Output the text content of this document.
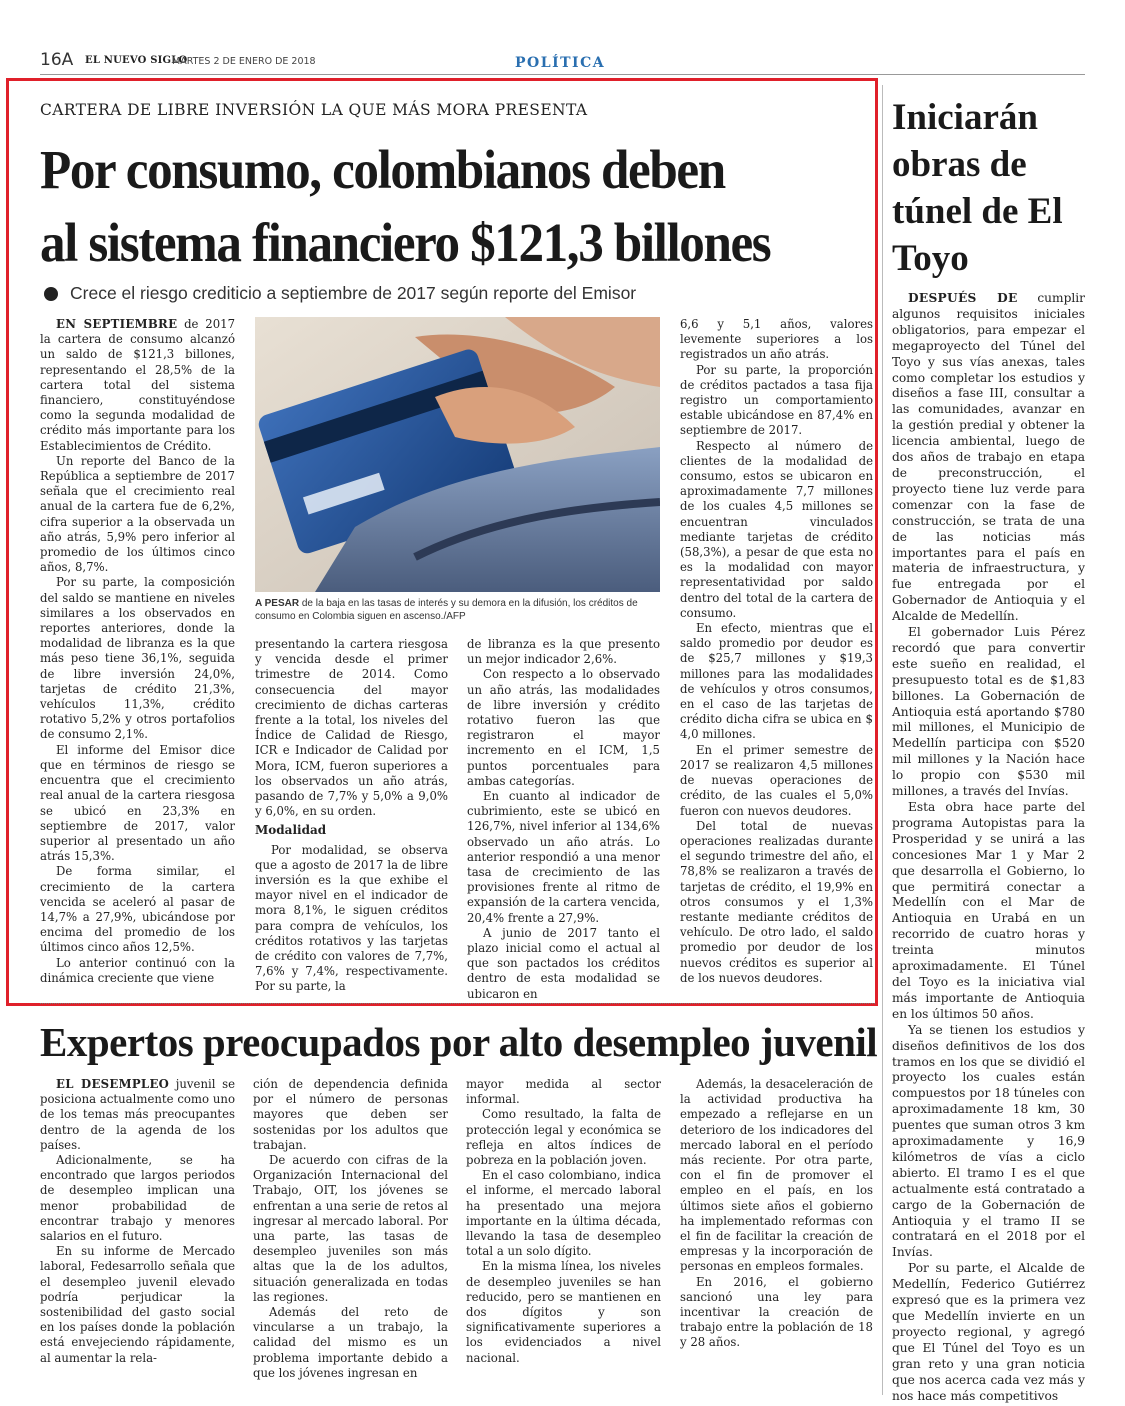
16A EL NUEVO SIGLO
MARTES 2 DE ENERO DE 2018	POLÍTICA
CARTERA DE LIBRE INVERSIÓN LA QUE MÁS MORA PRESENTA
Por consumo, colombianos deben
al sistema financiero $121,3 billones
Crece el riesgo crediticio a septiembre de 2017 según reporte del Emisor

EN SEPTIEMBRE de 2017 la cartera de consumo alcanzó un saldo de $121,3 billones, representando el 28,5% de la cartera total del sistema financiero, constituyéndose como la segunda modalidad de crédito más importante para los Establecimientos de Crédito.

Un reporte del Banco de la República a septiembre de 2017 señala que el crecimiento real anual de la cartera fue de 6,2%, cifra superior a la observada un año atrás, 5,9% pero inferior al promedio de los últimos cinco años, 8,7%.

Por su parte, la composición del saldo se mantiene en niveles similares a los observados en reportes anteriores, donde la modalidad de libranza es la que más peso tiene 36,1%, seguida de libre inversión 24,0%, tarjetas de crédito 21,3%, vehículos 11,3%, crédito rotativo 5,2% y otros portafolios de consumo 2,1%.

El informe del Emisor dice que en términos de riesgo se encuentra que el crecimiento real anual de la cartera riesgosa se ubicó en 23,3% en septiembre de 2017, valor superior al presentado un año atrás 15,3%.

De forma similar, el crecimiento de la cartera vencida se aceleró al pasar de 14,7% a 27,9%, ubicándose por encima del promedio de los últimos cinco años 12,5%.

Lo anterior continuó con la dinámica creciente que viene

A PESAR de la baja en las tasas de interés y su demora en la difusión, los créditos de consumo en Colombia siguen en ascenso./AFP

presentando la cartera riesgosa y vencida desde el primer trimestre de 2014. Como consecuencia del mayor crecimiento de dichas carteras frente a la total, los niveles del Índice de Calidad de Riesgo, ICR e Indicador de Calidad por Mora, ICM, fueron superiores a los observados un año atrás, pasando de 7,7% y 5,0% a 9,0% y 6,0%, en su orden.

Modalidad

Por modalidad, se observa que a agosto de 2017 la de libre inversión es la que exhibe el mayor nivel en el indicador de mora 8,1%, le siguen créditos para compra de vehículos, los créditos rotativos y las tarjetas de crédito con valores de 7,7%, 7,6% y 7,4%, respectivamente. Por su parte, la

de libranza es la que presento un mejor indicador 2,6%.

Con respecto a lo observado un año atrás, las modalidades de libre inversión y crédito rotativo fueron las que registraron el mayor incremento en el ICM, 1,5 puntos porcentuales para ambas categorías.

En cuanto al indicador de cubrimiento, este se ubicó en 126,7%, nivel inferior al 134,6% observado un año atrás. Lo anterior respondió a una menor tasa de crecimiento de las provisiones frente al ritmo de expansión de la cartera vencida, 20,4% frente a 27,9%.

A junio de 2017 tanto el plazo inicial como el actual al que son pactados los créditos dentro de esta modalidad se ubicaron en

6,6 y 5,1 años, valores levemente superiores a los registrados un año atrás.

Por su parte, la proporción de créditos pactados a tasa fija registro un comportamiento estable ubicándose en 87,4% en septiembre de 2017.

Respecto al número de clientes de la modalidad de consumo, estos se ubicaron en aproximadamente 7,7 millones de los cuales 4,5 millones se encuentran vinculados mediante tarjetas de crédito (58,3%), a pesar de que esta no es la modalidad con mayor representatividad por saldo dentro del total de la cartera de consumo.

En efecto, mientras que el saldo promedio por deudor es de $25,7 millones y $19,3 millones para las modalidades de vehículos y otros consumos, en el caso de las tarjetas de crédito dicha cifra se ubica en $ 4,0 millones.

En el primer semestre de 2017 se realizaron 4,5 millones de nuevas operaciones de crédito, de las cuales el 5,0% fueron con nuevos deudores.

Del total de nuevas operaciones realizadas durante el segundo trimestre del año, el 78,8% se realizaron a través de tarjetas de crédito, el 19,9% en otros consumos y el 1,3% restante mediante créditos de vehículo. De otro lado, el saldo promedio por deudor de los nuevos créditos es superior al de los nuevos deudores.

Expertos preocupados por alto desempleo juvenil

EL DESEMPLEO juvenil se posiciona actualmente como uno de los temas más preocupantes dentro de la agenda de los países.

Adicionalmente, se ha encontrado que largos periodos de desempleo implican una menor probabilidad de encontrar trabajo y menores salarios en el futuro.

En su informe de Mercado laboral, Fedesarrollo señala que el desempleo juvenil elevado podría perjudicar la sostenibilidad del gasto social en los países donde la población está envejeciendo rápidamente, al aumentar la rela-

ción de dependencia definida por el número de personas mayores que deben ser sostenidas por los adultos que trabajan.

De acuerdo con cifras de la Organización Internacional del Trabajo, OIT, los jóvenes se enfrentan a una serie de retos al ingresar al mercado laboral. Por una parte, las tasas de desempleo juveniles son más altas que la de los adultos, situación generalizada en todas las regiones.

Además del reto de vincularse a un trabajo, la calidad del mismo es un problema importante debido a que los jóvenes ingresan en

mayor medida al sector informal.

Como resultado, la falta de protección legal y económica se refleja en altos índices de pobreza en la población joven.

En el caso colombiano, indica el informe, el mercado laboral ha presentado una mejora importante en la última década, llevando la tasa de desempleo total a un solo dígito.

En la misma línea, los niveles de desempleo juveniles se han reducido, pero se mantienen en dos dígitos y son significativamente superiores a los evidenciados a nivel nacional.

Además, la desaceleración de la actividad productiva ha empezado a reflejarse en un deterioro de los indicadores del mercado laboral en el período más reciente. Por otra parte, con el fin de promover el empleo en el país, en los últimos siete años el gobierno ha implementado reformas con el fin de facilitar la creación de empresas y la incorporación de personas en empleos formales.

En 2016, el gobierno sancionó una ley para incentivar la creación de trabajo entre la población de 18 y 28 años.

Iniciarán obras de túnel de El Toyo

DESPUÉS DE cumplir algunos requisitos iniciales obligatorios, para empezar el megaproyecto del Túnel del Toyo y sus vías anexas, tales como completar los estudios y diseños a fase III, consultar a las comunidades, avanzar en la gestión predial y obtener la licencia ambiental, luego de dos años de trabajo en etapa de preconstrucción, el proyecto tiene luz verde para comenzar con la fase de construcción, se trata de una de las noticias más importantes para el país en materia de infraestructura, y fue entregada por el Gobernador de Antioquia y el Alcalde de Medellín.

El gobernador Luis Pérez recordó que para convertir este sueño en realidad, el presupuesto total es de $1,83 billones. La Gobernación de Antioquia está aportando $780 mil millones, el Municipio de Medellín participa con $520 mil millones y la Nación hace lo propio con $530 mil millones, a través del Invías.

Esta obra hace parte del programa Autopistas para la Prosperidad y se unirá a las concesiones Mar 1 y Mar 2 que desarrolla el Gobierno, lo que permitirá conectar a Medellín con el Mar de Antioquia en Urabá en un recorrido de cuatro horas y treinta minutos aproximadamente. El Túnel del Toyo es la iniciativa vial más importante de Antioquia en los últimos 50 años.

Ya se tienen los estudios y diseños definitivos de los dos tramos en los que se dividió el proyecto los cuales están compuestos por 18 túneles con aproximadamente 18 km, 30 puentes que suman otros 3 km aproximadamente y 16,9 kilómetros de vías a ciclo abierto. El tramo I es el que actualmente está contratado a cargo de la Gobernación de Antioquia y el tramo II se contratará en el 2018 por el Invías.

Por su parte, el Alcalde de Medellín, Federico Gutiérrez expresó que es la primera vez que Medellín invierte en un proyecto regional, y agregó que El Túnel del Toyo es un gran reto y una gran noticia que nos acerca cada vez más y nos hace más competitivos
